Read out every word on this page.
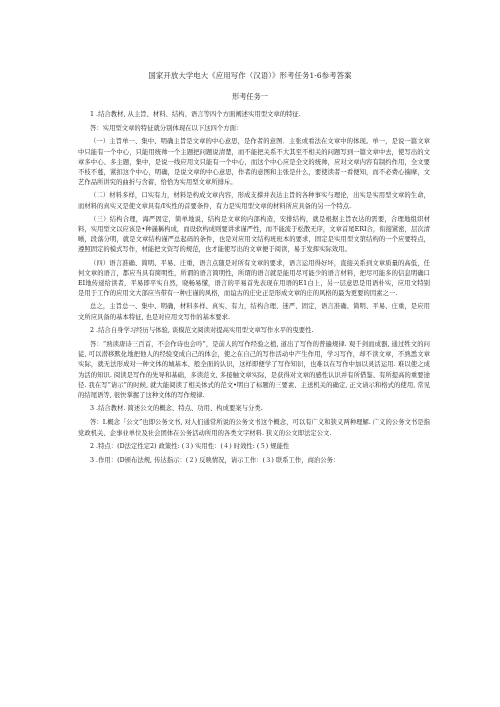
国家开放大学电大《应用写作（汉语）》形考任务1-6参考答案
形考任务一

1 .结合教材, 从主旨、材料、结构、语言等四个方面阐述实用型文章的特征.

答：实用型文章的特征就分别体现在以下这四个方面：

（一）主旨单一、集中、明确主旨是文章的中心意思，是作者的意图．主张或看法在文章中的体现。单一，是说一篇文章中只能有一个中心，只能用统帅一个主题把问题说清楚，而不能把关系不大其至不相关的问题写到一篇文章中去，使写出的文章多中心、多主题，集中，是说一线应用文只能有一个中心，而这个中心应是全文的统帅，应对文章内容有制约作用，全文要不枝不蔓，紧扣这个中心，明确，是说文章的中心意思，作者的意图和主张是什么，要使读者一看便知，而不必费心揣摩，文艺作品所讲究的曲折与含蓄，恰恰为实用型文章所排斥。

（二）材料多样，口实有力，材料是构成文章内容，形成支撑并表达主旨的各种事实与理论，出实是实用型文章的生命，而材料的真实又是使文章具有/I实性的首要条件，有力是实用型文章的材料所应具备的另一个特点.

（三）结构合理，海严固定，简单地说，结构是文章的内部构造，安排结构，就是根据主旨农达的需要，合理地组织材料，实用型文以应该是•种謹稱构成，而设软构成则要讲求谨严性，而不能流于松散无序，文章首尾ERI合，衔接紧密，层次清晰，段落分明，就是文章结构谨严总起码的条件，也是对应用文结构班班本的要求，固定是实用型文第结构的一个应要特点，遵照固定的模式写作，材能把文资写的规范，也才能使写出的文章便于阅读，易于发挥实际效用。

（四）语言准确、简明、平易、庄重，语言点随是对所有文章的要求，语言运用得好坏，直接关系到文章质量的高低，任何文章的语言，都应当具有简明性，所谓的语言简明性，所谓的语言就是能用尽可能少的语言材料，把尽可能多的信息明确口EI地传递给读者，平易即平实自然，晓畅易懂，语言的平易首先表现在用语的E1白上，另一层意思是用语朴实，应用文特别是用于工作的应用文大部应当带有一种庄谨的风格，而谊古的庄史正是形成文章的庄的风格的最为更要的因素之一.

总之，主旨总一、集中、明确，材料多样、真实、有力，结构合理、迷严、固定，语言准确、简明、平易、庄重，是应用文所应具备的基本特征, 也是对应用文写作的基本要求.

2 .结合自身学习经历与体验, 谈模范文阅读对提高实用型文章写作水平的曳要性.

答：“熟读唐诗三百首，不会作诗也会吟”，是前人的写作经验之植, 道出了写作的普遍规律. 观千剑而成器, 通过牲文的问徒, 可以潜移默化地把他人的经验变成自己的体会，使之在自己的写作活动中产生作用，学习写作，却不读文章，不熟悉文章实际，就无法形成对一种文体的城基本、般全面的认识，这样即便学了写作知识，也难以在写作中加以灵活运用. 难以使之成为活的知识. 阅读是写作的先导和基础，多读范文, 多接触文章实际，是获得对文章的感性认识并有所借鉴、有所提高的重要途径. 我在写“请示”的时候, 就大能阅读了相关体式的范文•明白了标题的三要素、主送机关的确定, 正文请示和格式的使用, 常见的结尾语等, 很快掌握了这种文体的写作规律.

3 .结合教材. 简述公文的概念、特点、功用、构成要案与分类.

答：I.概念「公文”也即公务文书, 对人们通常所说的公务文书这个概念，可以有广义和狭义两种理解. 广义的公务文书是指党政机关、企事业单位及社会团体在公务活动所用的各类文字材料. 狭义的公文即法定公文.

2 .特点：(D法定性定2) 政策性: (３) 实用性：(４) 时效性: (５) 规能性

3 .作用：(D颁布法规, 传达指示：(２) 反映情况，请示工作：(３) 联系工作，商治公务：
